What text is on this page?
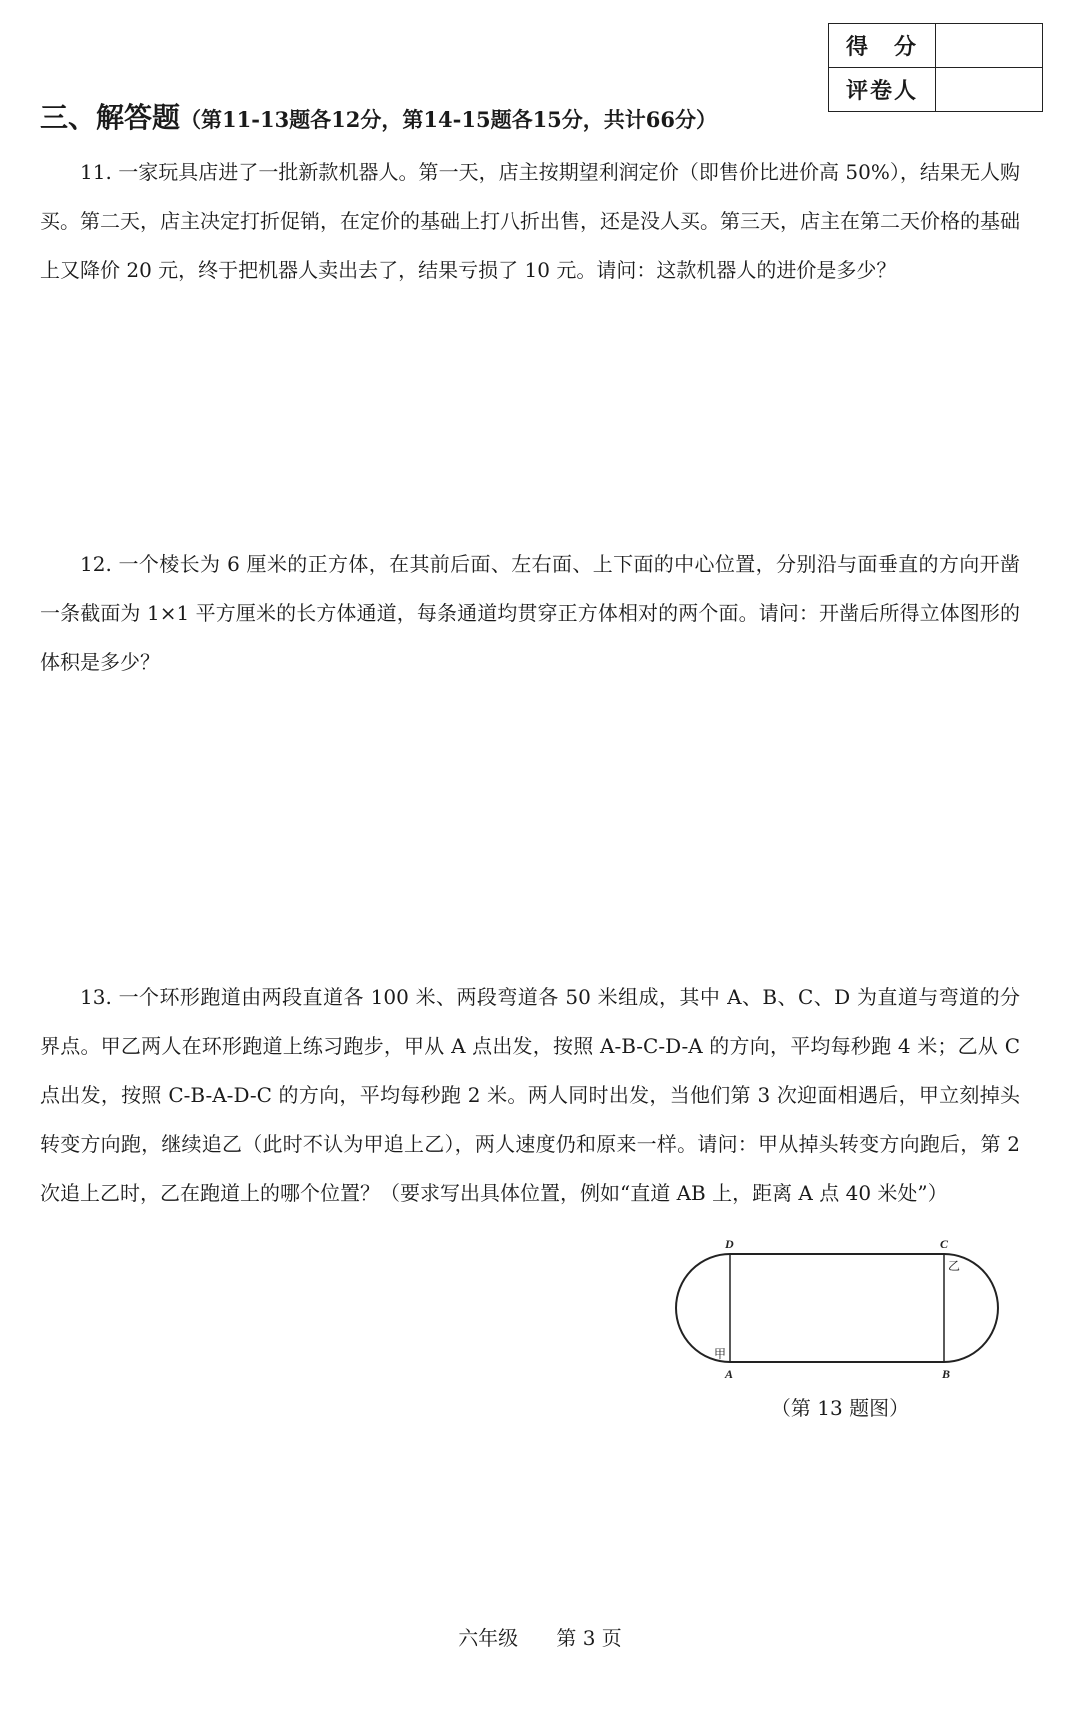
得　分	
评卷人	
三、解答题（第11-13题各12分，第14-15题各15分，共计66分）

11. 一家玩具店进了一批新款机器人。第一天，店主按期望利润定价（即售价比进价高 50%），结果无人购买。第二天，店主决定打折促销，在定价的基础上打八折出售，还是没人买。第三天，店主在第二天价格的基础上又降价 20 元，终于把机器人卖出去了，结果亏损了 10 元。请问：这款机器人的进价是多少？

12. 一个棱长为 6 厘米的正方体，在其前后面、左右面、上下面的中心位置，分别沿与面垂直的方向开凿一条截面为 1×1 平方厘米的长方体通道，每条通道均贯穿正方体相对的两个面。请问：开凿后所得立体图形的体积是多少？

13. 一个环形跑道由两段直道各 100 米、两段弯道各 50 米组成，其中 A、B、C、D 为直道与弯道的分界点。甲乙两人在环形跑道上练习跑步，甲从 A 点出发，按照 A-B-C-D-A 的方向，平均每秒跑 4 米；乙从 C 点出发，按照 C-B-A-D-C 的方向，平均每秒跑 2 米。两人同时出发，当他们第 3 次迎面相遇后，甲立刻掉头转变方向跑，继续追乙（此时不认为甲追上乙），两人速度仍和原来一样。请问：甲从掉头转变方向跑后，第 2 次追上乙时，乙在跑道上的哪个位置？（要求写出具体位置，例如“直道 AB 上，距离 A 点 40 米处”）

D	C
A	B
甲
乙
（第 13 题图）
六年级 第 3 页
